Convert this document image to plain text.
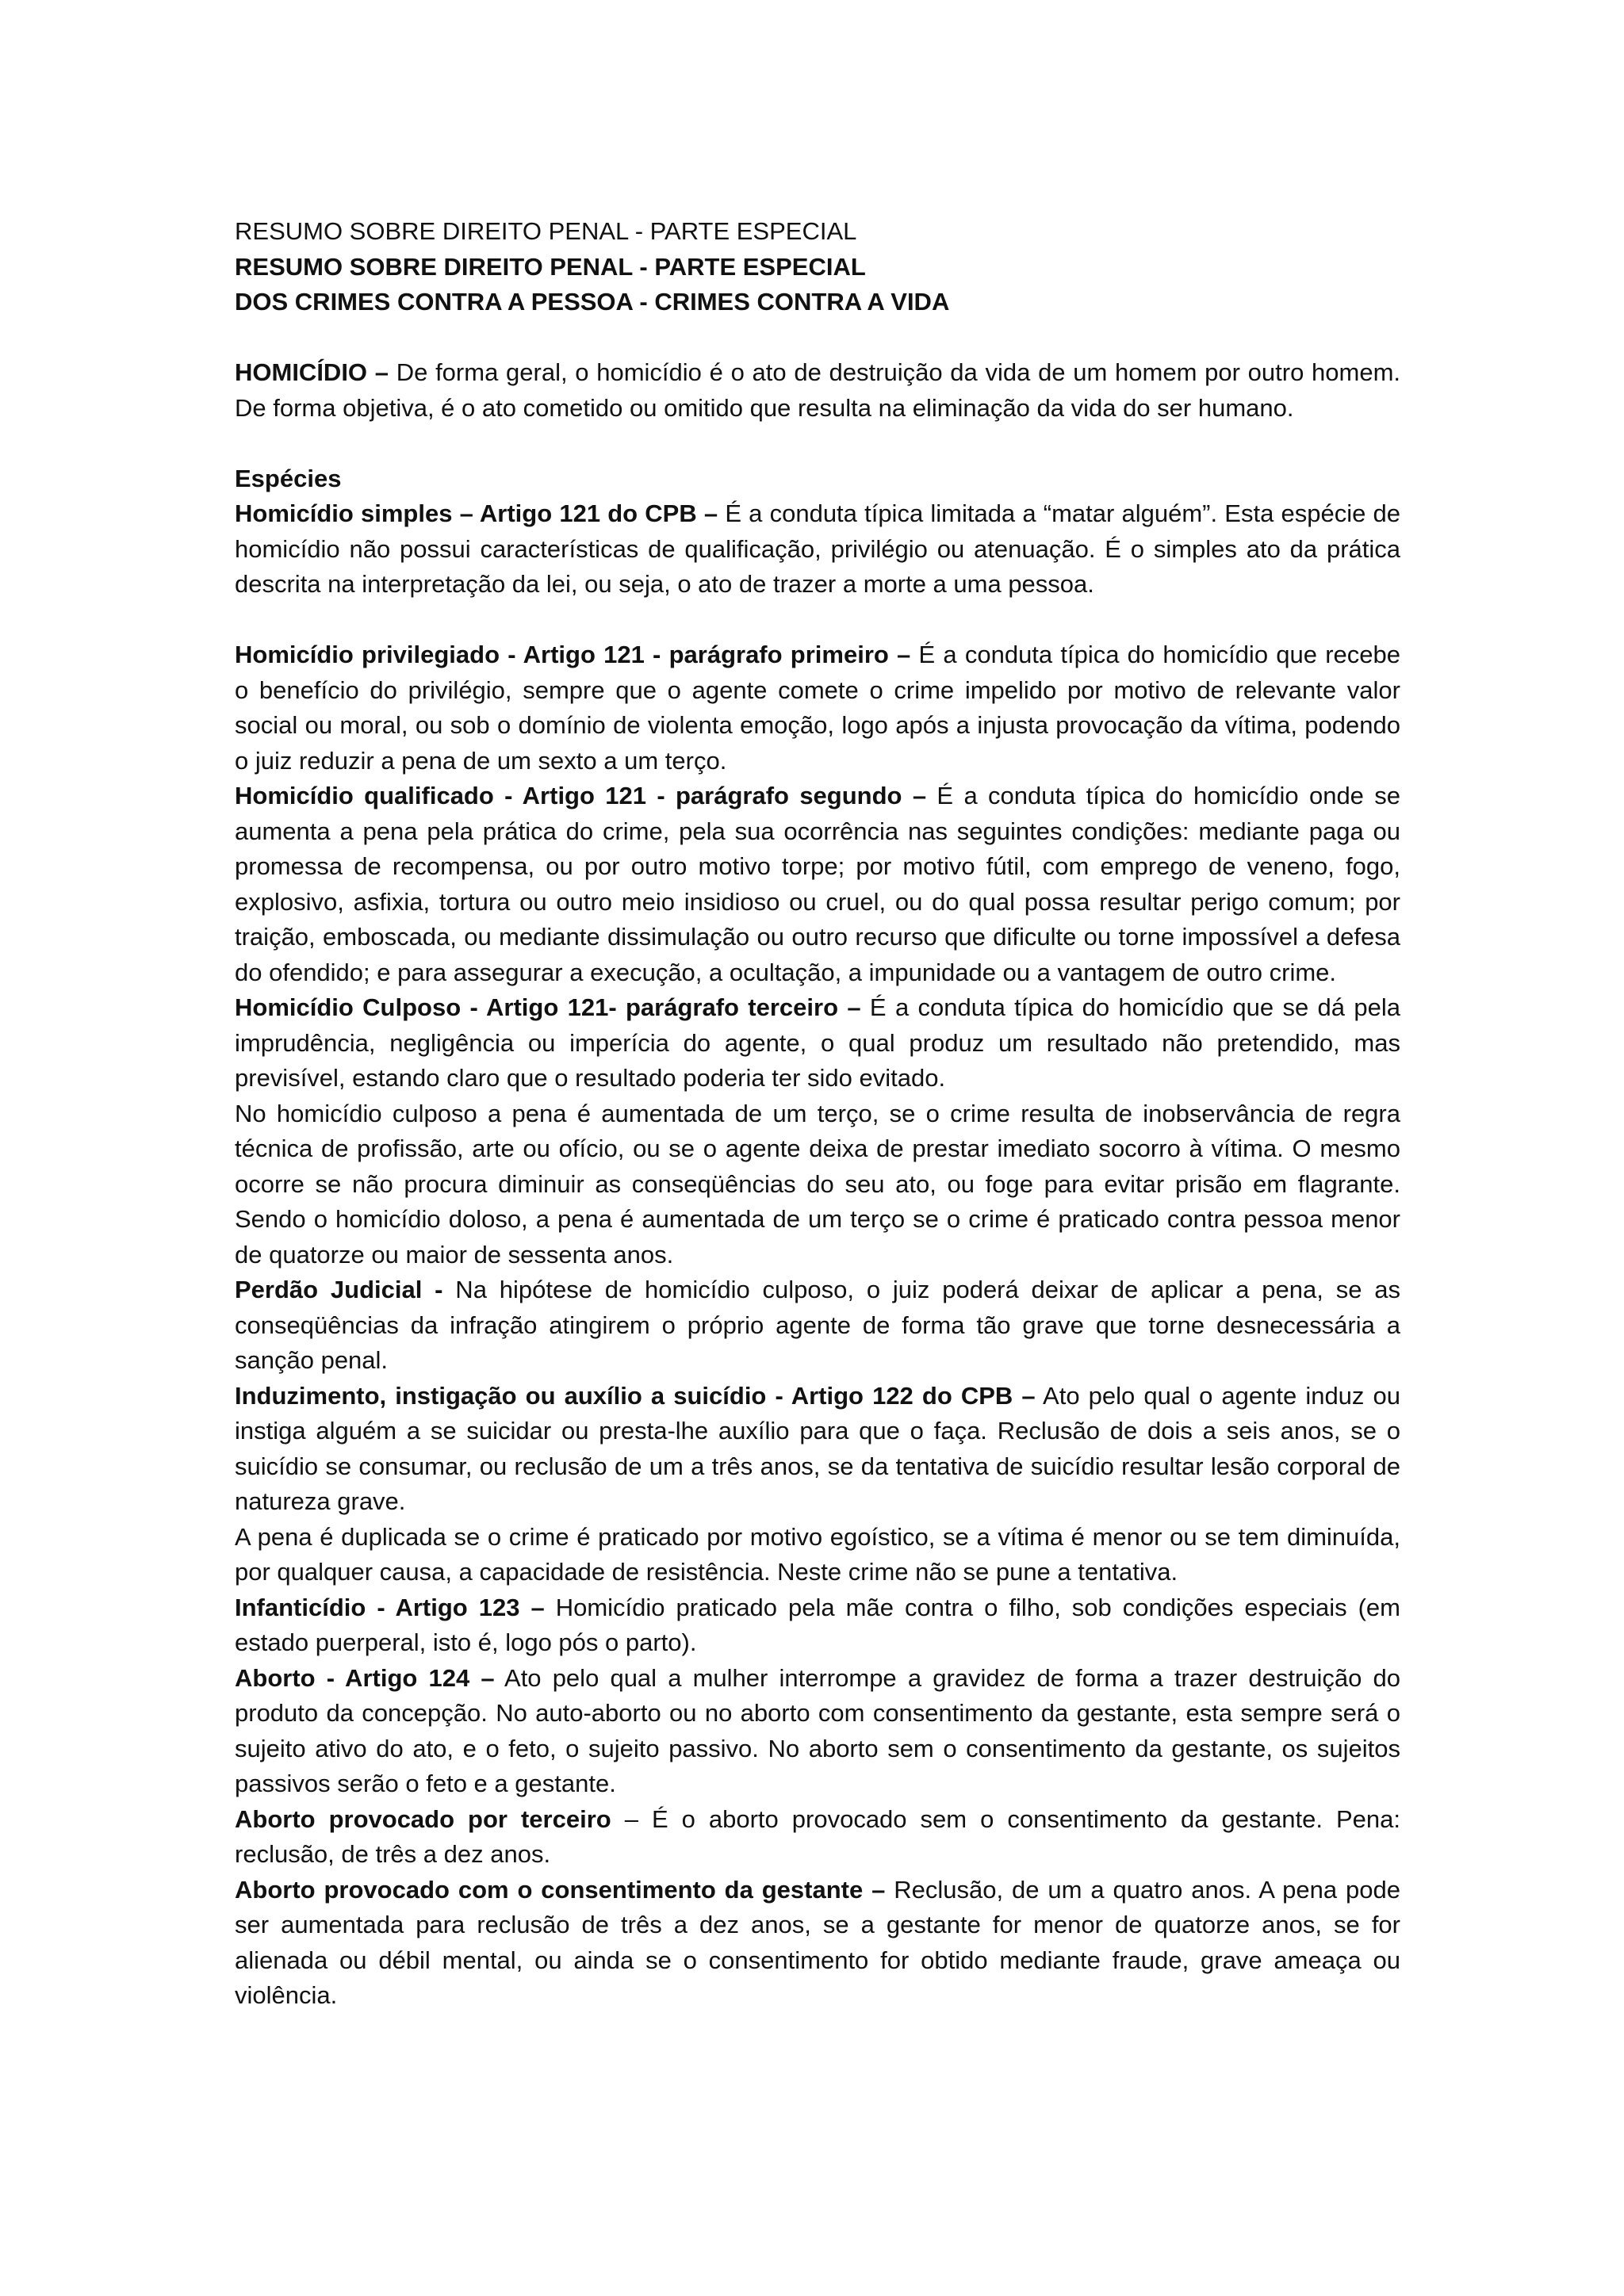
RESUMO SOBRE DIREITO PENAL - PARTE ESPECIAL

RESUMO SOBRE DIREITO PENAL - PARTE ESPECIAL

DOS CRIMES CONTRA A PESSOA - CRIMES CONTRA A VIDA

HOMICÍDIO – De forma geral, o homicídio é o ato de destruição da vida de um homem por outro homem. De forma objetiva, é o ato cometido ou omitido que resulta na eliminação da vida do ser humano.

Espécies

Homicídio simples – Artigo 121 do CPB – É a conduta típica limitada a “matar alguém”. Esta espécie de homicídio não possui características de qualificação, privilégio ou atenuação. É o simples ato da prática descrita na interpretação da lei, ou seja, o ato de trazer a morte a uma pessoa.

Homicídio privilegiado - Artigo 121 - parágrafo primeiro – É a conduta típica do homicídio que recebe o benefício do privilégio, sempre que o agente comete o crime impelido por motivo de relevante valor social ou moral, ou sob o domínio de violenta emoção, logo após a injusta provocação da vítima, podendo o juiz reduzir a pena de um sexto a um terço.

Homicídio qualificado - Artigo 121 - parágrafo segundo – É a conduta típica do homicídio onde se aumenta a pena pela prática do crime, pela sua ocorrência nas seguintes condições: mediante paga ou promessa de recompensa, ou por outro motivo torpe; por motivo fútil, com emprego de veneno, fogo, explosivo, asfixia, tortura ou outro meio insidioso ou cruel, ou do qual possa resultar perigo comum; por traição, emboscada, ou mediante dissimulação ou outro recurso que dificulte ou torne impossível a defesa do ofendido; e para assegurar a execução, a ocultação, a impunidade ou a vantagem de outro crime.

Homicídio Culposo - Artigo 121- parágrafo terceiro – É a conduta típica do homicídio que se dá pela imprudência, negligência ou imperícia do agente, o qual produz um resultado não pretendido, mas previsível, estando claro que o resultado poderia ter sido evitado.

No homicídio culposo a pena é aumentada de um terço, se o crime resulta de inobservância de regra técnica de profissão, arte ou ofício, ou se o agente deixa de prestar imediato socorro à vítima. O mesmo ocorre se não procura diminuir as conseqüências do seu ato, ou foge para evitar prisão em flagrante. Sendo o homicídio doloso, a pena é aumentada de um terço se o crime é praticado contra pessoa menor de quatorze ou maior de sessenta anos.

Perdão Judicial - Na hipótese de homicídio culposo, o juiz poderá deixar de aplicar a pena, se as conseqüências da infração atingirem o próprio agente de forma tão grave que torne desnecessária a sanção penal.

Induzimento, instigação ou auxílio a suicídio - Artigo 122 do CPB – Ato pelo qual o agente induz ou instiga alguém a se suicidar ou presta-lhe auxílio para que o faça. Reclusão de dois a seis anos, se o suicídio se consumar, ou reclusão de um a três anos, se da tentativa de suicídio resultar lesão corporal de natureza grave.

A pena é duplicada se o crime é praticado por motivo egoístico, se a vítima é menor ou se tem diminuída, por qualquer causa, a capacidade de resistência. Neste crime não se pune a tentativa.

Infanticídio - Artigo 123 – Homicídio praticado pela mãe contra o filho, sob condições especiais (em estado puerperal, isto é, logo pós o parto).

Aborto - Artigo 124 – Ato pelo qual a mulher interrompe a gravidez de forma a trazer destruição do produto da concepção. No auto-aborto ou no aborto com consentimento da gestante, esta sempre será o sujeito ativo do ato, e o feto, o sujeito passivo. No aborto sem o consentimento da gestante, os sujeitos passivos serão o feto e a gestante.

Aborto provocado por terceiro – É o aborto provocado sem o consentimento da gestante. Pena: reclusão, de três a dez anos.

Aborto provocado com o consentimento da gestante – Reclusão, de um a quatro anos. A pena pode ser aumentada para reclusão de três a dez anos, se a gestante for menor de quatorze anos, se for alienada ou débil mental, ou ainda se o consentimento for obtido mediante fraude, grave ameaça ou violência.
